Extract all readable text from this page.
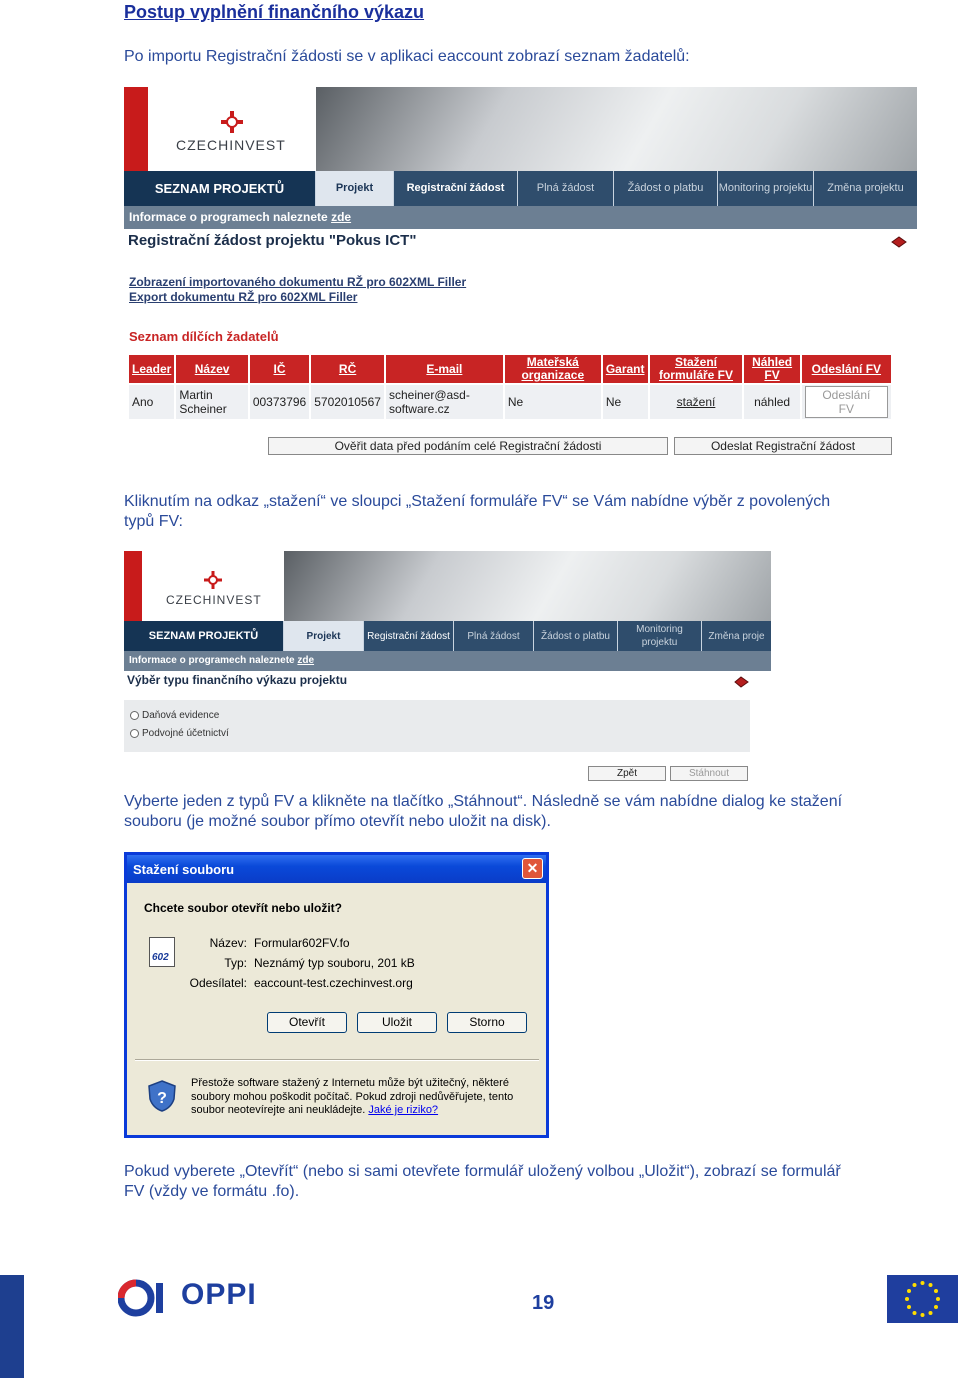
Postup vyplnění finančního výkazu
Po importu Registrační žádosti se v aplikaci eaccount zobrazí seznam žadatelů:
CZECHINVEST
SEZNAM PROJEKTŮ	Projekt	Registrační žádost	Plná žádost	Žádost o platbu	Monitoring projektu	Změna projektu
Informace o programech naleznete zde
Registrační žádost projektu "Pokus ICT"
Zobrazení importovaného dokumentu RŽ pro 602XML Filler
Export dokumentu RŽ pro 602XML Filler
Seznam dílčích žadatelů
Leader	Název	IČ	RČ	E-mail	Mateřská organizace	Garant	Stažení formuláře FV	Náhled FV	Odeslání FV
Ano	Martin Scheiner	00373796	5702010567	scheiner@asd-software.cz	Ne	Ne	stažení	náhled	Odeslání FV
Ověřit data před podáním celé Registrační žádosti	Odeslat Registrační žádost
Kliknutím na odkaz „stažení“ ve sloupci „Stažení formuláře FV“ se Vám nabídne výběr z povolených
typů FV:
CZECHINVEST
SEZNAM PROJEKTŮ	Projekt	Registrační žádost	Plná žádost	Žádost o platbu
Monitoring projektu
Změna proje
Informace o programech naleznete zde
Výběr typu finančního výkazu projektu
Daňová evidence
Podvojné účetnictví
Zpět	Stáhnout
Vyberte jeden z typů FV a klikněte na tlačítko „Stáhnout“. Následně se vám nabídne dialog ke stažení
souboru (je možné soubor přímo otevřít nebo uložit na disk).
Stažení souboru	✕
Chcete soubor otevřít nebo uložit?
602
Název: Formular602FV.fo
Typ: Neznámý typ souboru, 201 kB
Odesílatel: eaccount-test.czechinvest.org
Otevřít	Uložit	Storno
?
Přestože software stažený z Internetu může být užitečný, některé soubory mohou poškodit počítač. Pokud zdroji nedůvěřujete, tento soubor neotevírejte ani neukládejte. Jaké je riziko?
Pokud vyberete „Otevřít“ (nebo si sami otevřete formulář uložený volbou „Uložit“), zobrazí se formulář
FV (vždy ve formátu .fo).
OPPI	19
